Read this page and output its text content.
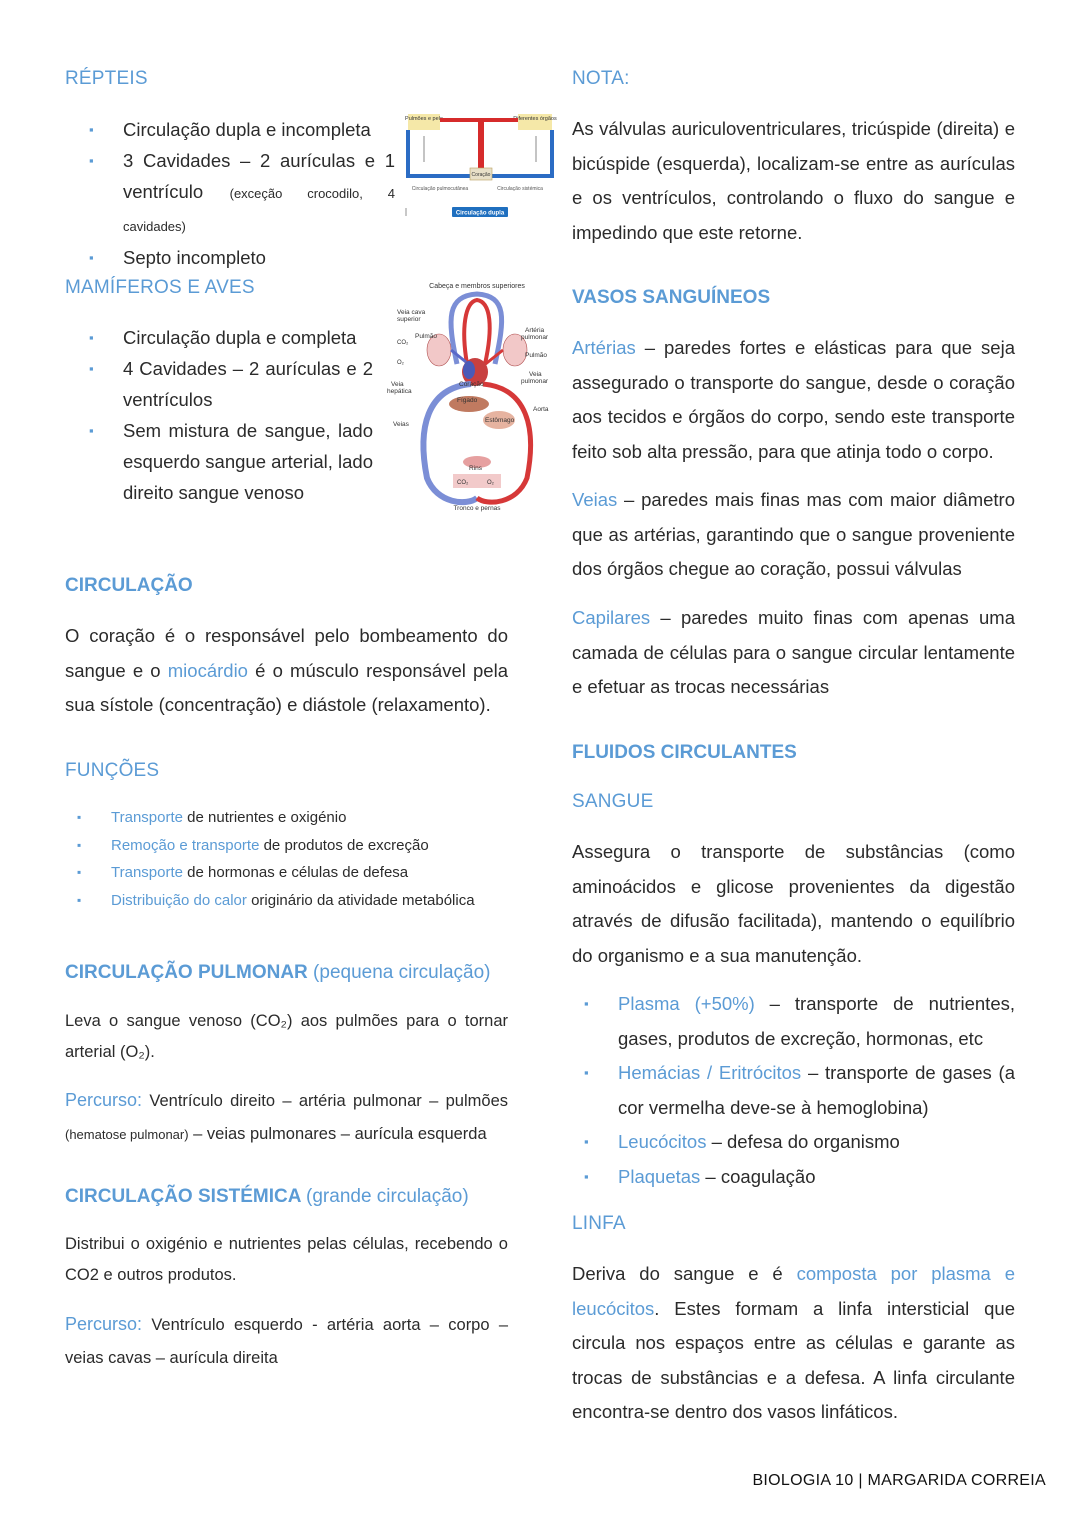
RÉPTEIS
▪ Circulação dupla e incompleta
▪ 3 Cavidades – 2 aurículas e 1 ventrículo (exceção crocodilo, 4 cavidades)
▪ Septo incompleto
Pulmões e pele	Diferentes órgãos
Coração
Circulação pulmocutânea	Circulação sistémica
Circulação dupla
MAMÍFEROS E AVES
▪ Circulação dupla e completa
▪ 4 Cavidades – 2 aurículas e 2 ventrículos
▪ Sem mistura de sangue, lado esquerdo sangue arterial, lado direito sangue venoso
Cabeça e membros superiores
Veia cava
superior
Pulmão
CO₂
O₂
Veia
hepática
Veias
Coração
Fígado
Estômago
Rins
CO₂	O₂
Tronco e pernas
Artéria
pulmonar
Pulmão
Veia
pulmonar
Aorta
CIRCULAÇÃO

O coração é o responsável pelo bombeamento do sangue e o miocárdio é o músculo responsável pela sua sístole (concentração) e diástole (relaxamento).

FUNÇÕES
▪ Transporte de nutrientes e oxigénio
▪ Remoção e transporte de produtos de excreção
▪ Transporte de hormonas e células de defesa
▪ Distribuição do calor originário da atividade metabólica
CIRCULAÇÃO PULMONAR (pequena circulação)

Leva o sangue venoso (CO₂) aos pulmões para o tornar arterial (O₂).

Percurso: Ventrículo direito – artéria pulmonar – pulmões (hematose pulmonar) – veias pulmonares – aurícula esquerda

CIRCULAÇÃO SISTÉMICA (grande circulação)

Distribui o oxigénio e nutrientes pelas células, recebendo o CO2 e outros produtos.

Percurso: Ventrículo esquerdo - artéria aorta – corpo – veias cavas – aurícula direita

NOTA:

As válvulas auriculoventriculares, tricúspide (direita) e bicúspide (esquerda), localizam-se entre as aurículas e os ventrículos, controlando o fluxo do sangue e impedindo que este retorne.

VASOS SANGUÍNEOS

Artérias – paredes fortes e elásticas para que seja assegurado o transporte do sangue, desde o coração aos tecidos e órgãos do corpo, sendo este transporte feito sob alta pressão, para que atinja todo o corpo.

Veias – paredes mais finas mas com maior diâmetro que as artérias, garantindo que o sangue proveniente dos órgãos chegue ao coração, possui válvulas

Capilares – paredes muito finas com apenas uma camada de células para o sangue circular lentamente e efetuar as trocas necessárias

FLUIDOS CIRCULANTES
SANGUE

Assegura o transporte de substâncias (como aminoácidos e glicose provenientes da digestão através de difusão facilitada), mantendo o equilíbrio do organismo e a sua manutenção.

▪ Plasma (+50%) – transporte de nutrientes, gases, produtos de excreção, hormonas, etc
▪ Hemácias / Eritrócitos – transporte de gases (a cor vermelha deve-se à hemoglobina)
▪ Leucócitos – defesa do organismo
▪ Plaquetas – coagulação
LINFA

Deriva do sangue e é composta por plasma e leucócitos. Estes formam a linfa intersticial que circula nos espaços entre as células e garante as trocas de substâncias e a defesa. A linfa circulante encontra-se dentro dos vasos linfáticos.

BIOLOGIA 10 | MARGARIDA CORREIA
